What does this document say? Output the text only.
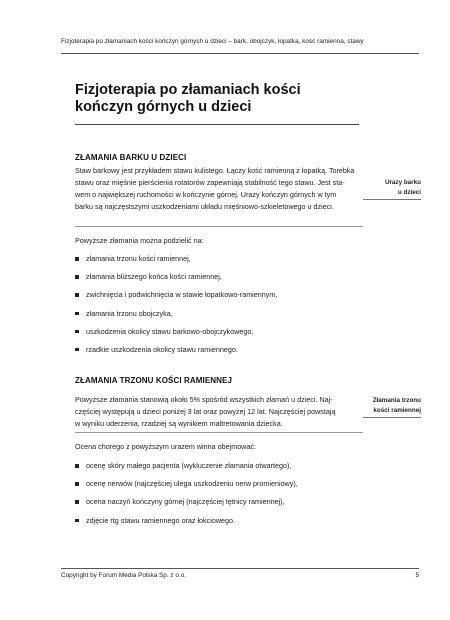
Fizjoterapia po złamaniach kości kończyn górnych u dzieci – bark, obojczyk, łopatka, kość ramienna, stawy
Fizjoterapia po złamaniach kości
kończyn górnych u dzieci
ZŁAMANIA BARKU U DZIECI
Staw barkowy jest przykładem stawu kulistego. Łączy kość ramienną z łopatką. Torebka
stawu oraz mięśnie pierścienia rotatorów zapewniają stabilność tego stawu. Jest sta-
wem o największej ruchomości w kończynie górnej. Urazy kończyn górnych w tym
barku są najczęstszymi uszkodzeniami układu mięśniowo-szkieletowego u dzieci.
Urazy barku
u dzieci
Powyższe złamania można podzielić na:
złamania trzonu kości ramiennej,
złamania bliższego końca kości ramiennej,
zwichnięcia i podwichnięcia w stawie łopatkowo-ramiennym,
złamania trzonu obojczyka,
uszkodzenia okolicy stawu barkowo-obojczykowego,
rzadkie uszkodzenia okolicy stawu ramiennego.
ZŁAMANIA TRZONU KOŚCI RAMIENNEJ
Powyższe złamania stanowią około 5% spośród wszystkich złamań u dzieci. Naj-
częściej występują u dzieci poniżej 3 lat oraz powyżej 12 lat. Najczęściej powstają
w wyniku uderzenia, rzadziej są wynikiem maltretowania dziecka.
Złamania trzonu
kości ramiennej
Ocena chorego z powyższym urazem winna obejmować:
ocenę skóry małego pacjenta (wykluczenie złamania otwartego),
ocenę nerwów (najczęściej ulega uszkodzeniu nerw promieniowy),
ocena naczyń kończyny górnej (najczęściej tętnicy ramiennej),
zdjęcie rtg stawu ramiennego oraz łokciowego.
Copyright by Forum Media Polska Sp. z o.o.	5
